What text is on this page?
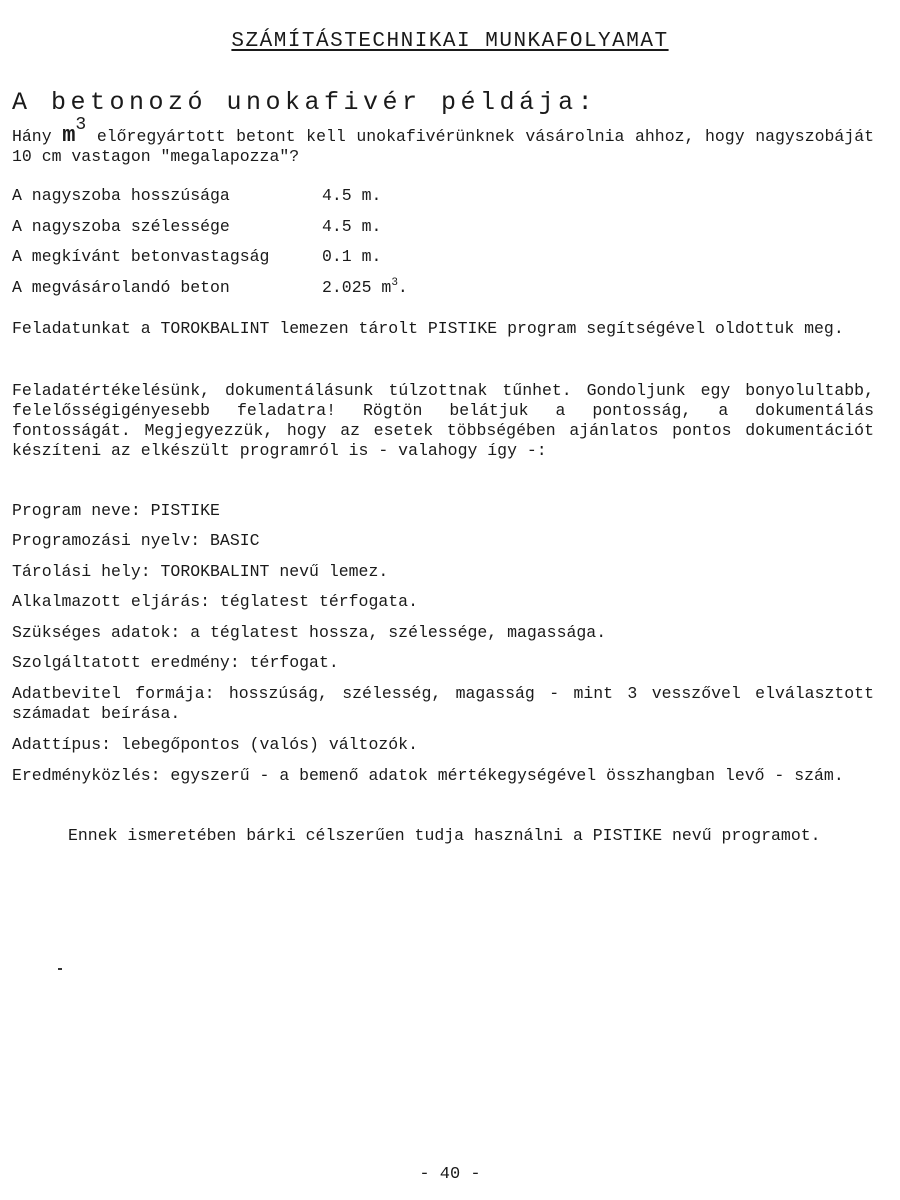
SZÁMÍTÁSTECHNIKAI MUNKAFOLYAMAT
A betonozó unokafivér példája:
Hány m3 előregyártott betont kell unokafivérünknek vásárolnia ahhoz, hogy nagyszobáját 10 cm vastagon "megalapozza"?
A nagyszoba hosszúsága	4.5 m.
A nagyszoba szélessége	4.5 m.
A megkívánt betonvastagság	0.1 m.
A megvásárolandó beton	2.025 $m^3$.
Feladatunkat a TOROKBALINT lemezen tárolt PISTIKE program segítségével oldottuk meg.
Feladatértékelésünk, dokumentálásunk túlzottnak tűnhet. Gondoljunk egy bonyolultabb, felelősségigényesebb feladatra! Rögtön belátjuk a pontosság, a dokumentálás fontosságát. Megjegyezzük, hogy az esetek többségében ajánlatos pontos dokumentációt készíteni az elkészült programról is - valahogy így -:
Program neve: PISTIKE
Programozási nyelv: BASIC
Tárolási hely: TOROKBALINT nevű lemez.
Alkalmazott eljárás: téglatest térfogata.
Szükséges adatok: a téglatest hossza, szélessége, magassága.
Szolgáltatott eredmény: térfogat.
Adatbevitel formája: hosszúság, szélesség, magasság - mint 3 vesszővel elválasztott számadat beírása.
Adattípus: lebegőpontos (valós) változók.
Eredményközlés: egyszerű - a bemenő adatok mértékegységével összhangban levő - szám.
Ennek ismeretében bárki célszerűen tudja használni a PISTIKE nevű programot.
- 40 -
